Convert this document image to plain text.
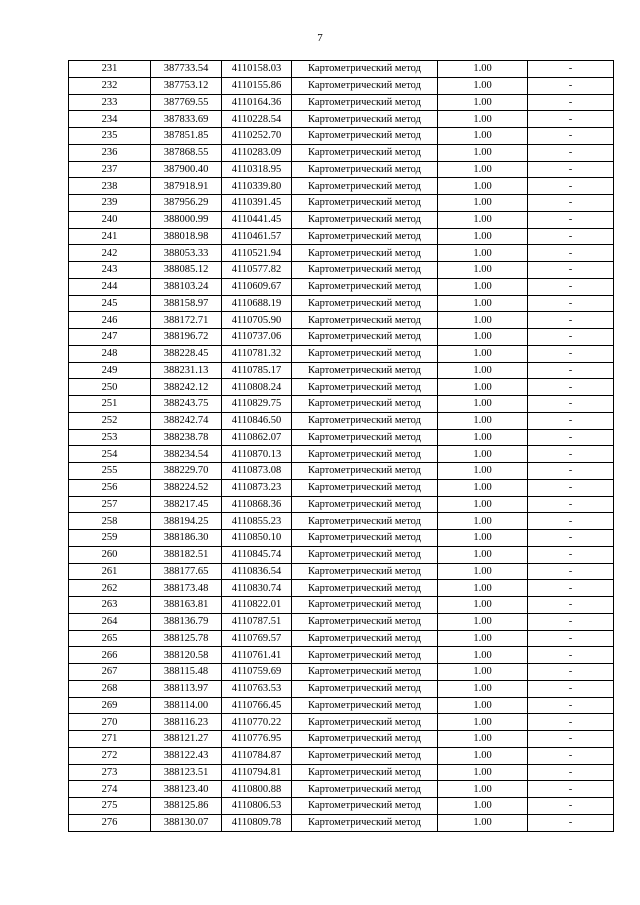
7
231	387733.54	4110158.03	Картометрический метод	1.00	-
232	387753.12	4110155.86	Картометрический метод	1.00	-
233	387769.55	4110164.36	Картометрический метод	1.00	-
234	387833.69	4110228.54	Картометрический метод	1.00	-
235	387851.85	4110252.70	Картометрический метод	1.00	-
236	387868.55	4110283.09	Картометрический метод	1.00	-
237	387900.40	4110318.95	Картометрический метод	1.00	-
238	387918.91	4110339.80	Картометрический метод	1.00	-
239	387956.29	4110391.45	Картометрический метод	1.00	-
240	388000.99	4110441.45	Картометрический метод	1.00	-
241	388018.98	4110461.57	Картометрический метод	1.00	-
242	388053.33	4110521.94	Картометрический метод	1.00	-
243	388085.12	4110577.82	Картометрический метод	1.00	-
244	388103.24	4110609.67	Картометрический метод	1.00	-
245	388158.97	4110688.19	Картометрический метод	1.00	-
246	388172.71	4110705.90	Картометрический метод	1.00	-
247	388196.72	4110737.06	Картометрический метод	1.00	-
248	388228.45	4110781.32	Картометрический метод	1.00	-
249	388231.13	4110785.17	Картометрический метод	1.00	-
250	388242.12	4110808.24	Картометрический метод	1.00	-
251	388243.75	4110829.75	Картометрический метод	1.00	-
252	388242.74	4110846.50	Картометрический метод	1.00	-
253	388238.78	4110862.07	Картометрический метод	1.00	-
254	388234.54	4110870.13	Картометрический метод	1.00	-
255	388229.70	4110873.08	Картометрический метод	1.00	-
256	388224.52	4110873.23	Картометрический метод	1.00	-
257	388217.45	4110868.36	Картометрический метод	1.00	-
258	388194.25	4110855.23	Картометрический метод	1.00	-
259	388186.30	4110850.10	Картометрический метод	1.00	-
260	388182.51	4110845.74	Картометрический метод	1.00	-
261	388177.65	4110836.54	Картометрический метод	1.00	-
262	388173.48	4110830.74	Картометрический метод	1.00	-
263	388163.81	4110822.01	Картометрический метод	1.00	-
264	388136.79	4110787.51	Картометрический метод	1.00	-
265	388125.78	4110769.57	Картометрический метод	1.00	-
266	388120.58	4110761.41	Картометрический метод	1.00	-
267	388115.48	4110759.69	Картометрический метод	1.00	-
268	388113.97	4110763.53	Картометрический метод	1.00	-
269	388114.00	4110766.45	Картометрический метод	1.00	-
270	388116.23	4110770.22	Картометрический метод	1.00	-
271	388121.27	4110776.95	Картометрический метод	1.00	-
272	388122.43	4110784.87	Картометрический метод	1.00	-
273	388123.51	4110794.81	Картометрический метод	1.00	-
274	388123.40	4110800.88	Картометрический метод	1.00	-
275	388125.86	4110806.53	Картометрический метод	1.00	-
276	388130.07	4110809.78	Картометрический метод	1.00	-
